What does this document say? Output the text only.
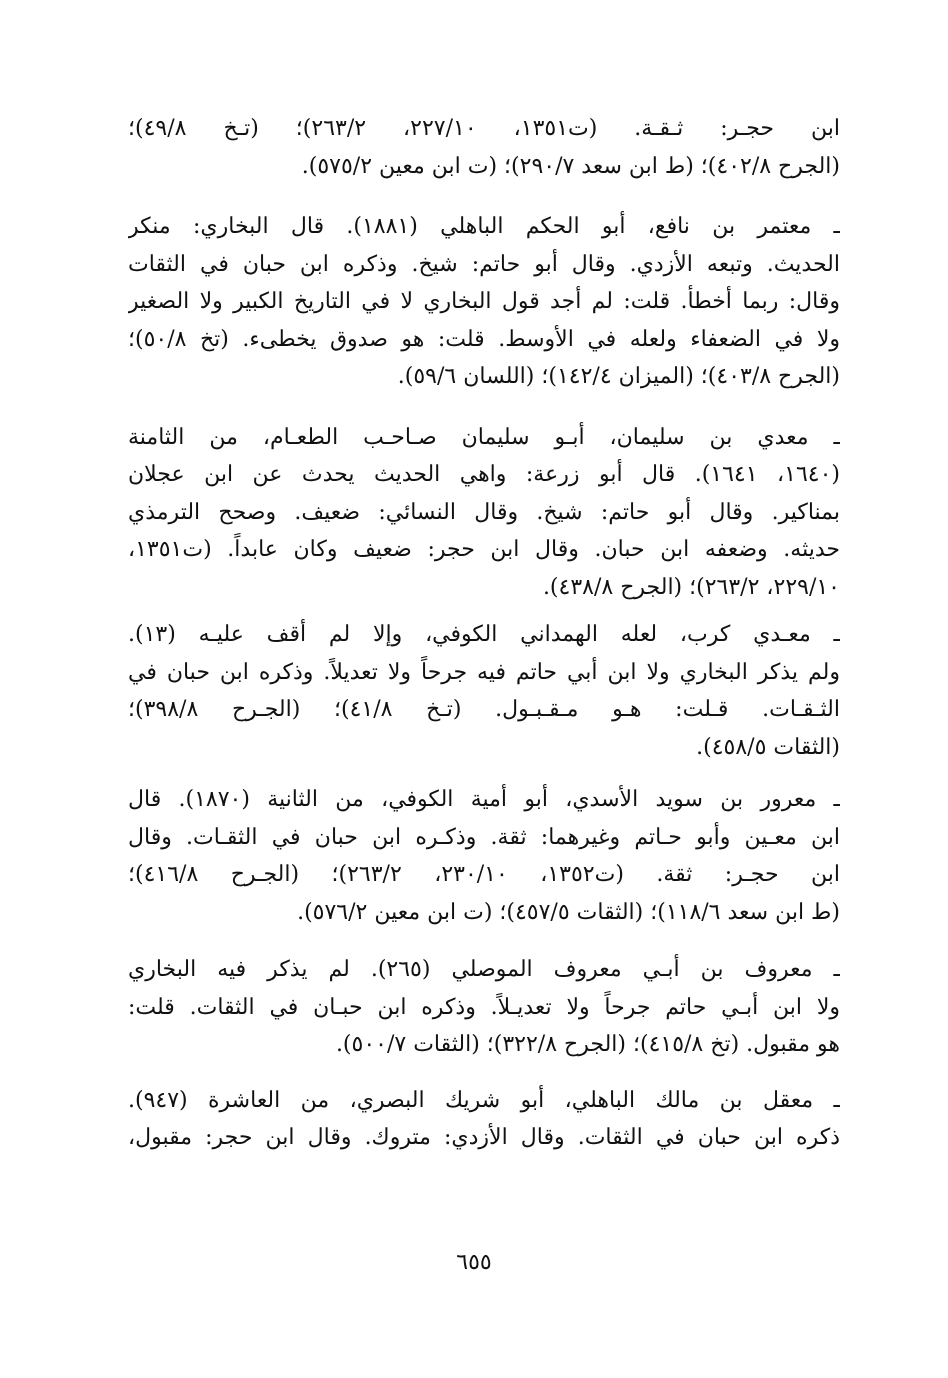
ابن حجـر: ثـقـة. (ت١٣٥١، ٢٢٧/١٠، ٢٦٣/٢)؛ (تـخ ٤٩/٨)؛
(الجرح ٤٠٢/٨)؛ (ط ابن سعد ٢٩٠/٧)؛ (ت ابن معين ٥٧٥/٢).
ـ معتمر بن نافع، أبو الحكم الباهلي (١٨٨١). قال البخاري: منكر
الحديث. وتبعه الأزدي. وقال أبو حاتم: شيخ. وذكره ابن حبان في الثقات
وقال: ربما أخطأ. قلت: لم أجد قول البخاري لا في التاريخ الكبير ولا الصغير
ولا في الضعفاء ولعله في الأوسط. قلت: هو صدوق يخطىء. (تخ ٥٠/٨)؛
(الجرح ٤٠٣/٨)؛ (الميزان ١٤٢/٤)؛ (اللسان ٥٩/٦).
ـ معدي بن سليمان، أبـو سليمان صـاحـب الطعـام، من الثامنة
(١٦٤٠، ١٦٤١). قال أبو زرعة: واهي الحديث يحدث عن ابن عجلان
بمناكير. وقال أبو حاتم: شيخ. وقال النسائي: ضعيف. وصحح الترمذي
حديثه. وضعفه ابن حبان. وقال ابن حجر: ضعيف وكان عابداً. (ت١٣٥١،
٢٢٩/١٠، ٢٦٣/٢)؛ (الجرح ٤٣٨/٨).
ـ معـدي كرب، لعله الهمداني الكوفي، وإلا لم أقف عليـه (١٣).
ولم يذكر البخاري ولا ابن أبي حاتم فيه جرحاً ولا تعديلاً. وذكره ابن حبان في
الثـقـات. قـلت: هـو مـقـبـول. (تـخ ٤١/٨)؛ (الجـرح ٣٩٨/٨)؛
(الثقات ٤٥٨/٥).
ـ معرور بن سويد الأسدي، أبو أمية الكوفي، من الثانية (١٨٧٠). قال
ابن معـين وأبو حـاتم وغيرهما: ثقة. وذكـره ابن حبان في الثقـات. وقال
ابن حجـر: ثقة. (ت١٣٥٢، ٢٣٠/١٠، ٢٦٣/٢)؛ (الجـرح ٤١٦/٨)؛
(ط ابن سعد ١١٨/٦)؛ (الثقات ٤٥٧/٥)؛ (ت ابن معين ٥٧٦/٢).
ـ معروف بن أبـي معروف الموصلي (٢٦٥). لم يذكر فيه البخاري
ولا ابن أبـي حاتم جرحاً ولا تعديـلاً. وذكره ابن حبـان في الثقات. قلت:
هو مقبول. (تخ ٤١٥/٨)؛ (الجرح ٣٢٢/٨)؛ (الثقات ٥٠٠/٧).
ـ معقل بن مالك الباهلي، أبو شريك البصري، من العاشرة (٩٤٧).
ذكره ابن حبان في الثقات. وقال الأزدي: متروك. وقال ابن حجر: مقبول،
٦٥٥
